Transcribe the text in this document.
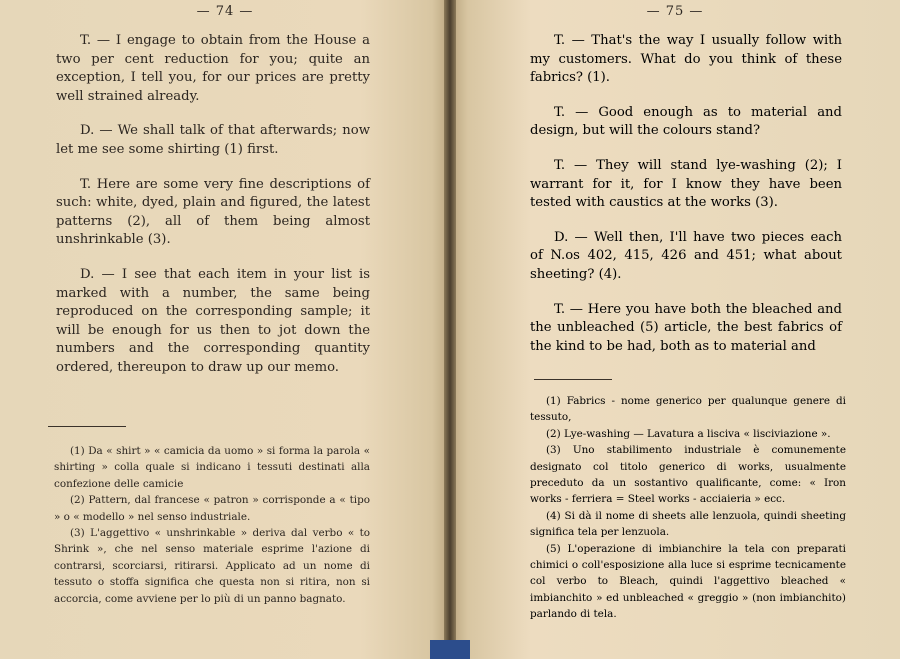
— 74 —

T. — I engage to obtain from the House a two per cent reduction for you; quite an exception, I tell you, for our prices are pretty well strained already.

D. — We shall talk of that afterwards; now let me see some shirting (1) first.

T. Here are some very fine descriptions of such: white, dyed, plain and figured, the latest patterns (2), all of them being almost unshrinkable (3).

D. — I see that each item in your list is marked with a number, the same being reproduced on the corresponding sample; it will be enough for us then to jot down the numbers and the corresponding quantity ordered, thereupon to draw up our memo.

(1) Da « shirt » « camicia da uomo » si forma la parola « shirting » colla quale si indicano i tessuti destinati alla confezione delle camicie

(2) Pattern, dal francese « patron » corrisponde a « tipo » o « modello » nel senso industriale.

(3) L'aggettivo « unshrinkable » deriva dal verbo « to Shrink », che nel senso materiale esprime l'azione di contrarsi, scorciarsi, ritirarsi. Applicato ad un nome di tessuto o stoffa significa che questa non si ritira, non si accorcia, come avviene per lo più di un panno bagnato.

— 75 —

T. — That's the way I usually follow with my customers. What do you think of these fabrics? (1).

T. — Good enough as to material and design, but will the colours stand?

T. — They will stand lye-washing (2); I warrant for it, for I know they have been tested with caustics at the works (3).

D. — Well then, I'll have two pieces each of N.os 402, 415, 426 and 451; what about sheeting? (4).

T. — Here you have both the bleached and the unbleached (5) article, the best fabrics of the kind to be had, both as to material and

(1) Fabrics - nome generico per qualunque genere di tessuto,

(2) Lye-washing — Lavatura a lisciva « lisciviazione ».

(3) Uno stabilimento industriale è comunemente designato col titolo generico di works, usualmente preceduto da un sostantivo qualificante, come: « Iron works - ferriera = Steel works - acciaieria » ecc.

(4) Si dà il nome di sheets alle lenzuola, quindi sheeting significa tela per lenzuola.

(5) L'operazione di imbianchire la tela con preparati chimici o coll'esposizione alla luce si esprime tecnicamente col verbo to Bleach, quindi l'aggettivo bleached « imbianchito » ed unbleached « greggio » (non imbianchito) parlando di tela.
